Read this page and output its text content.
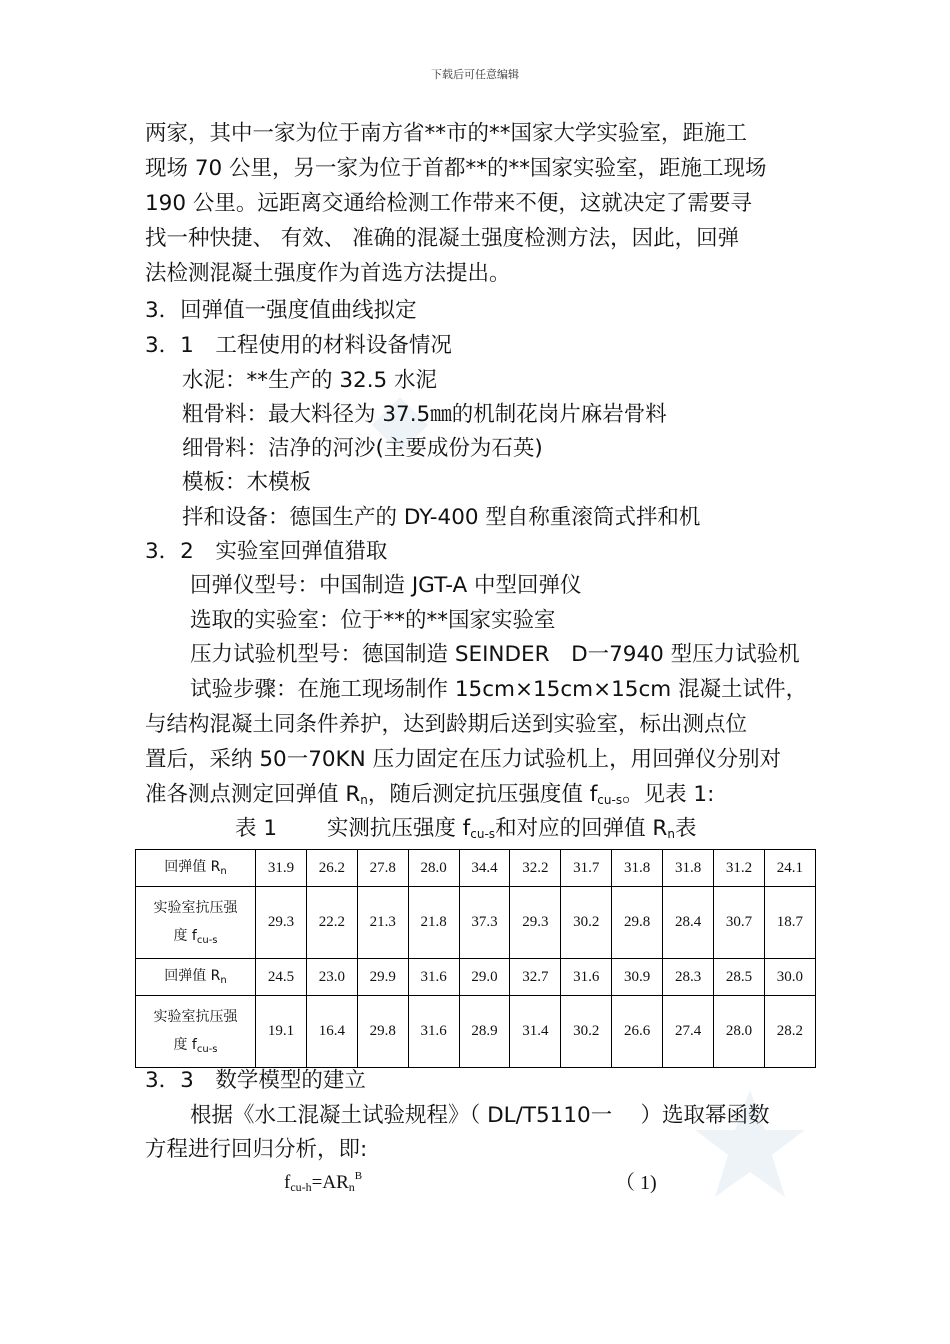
下载后可任意编辑
两家，其中一家为位于南方省**市的**国家大学实验室，距施工
现场 70 公里，另一家为位于首都**的**国家实验室，距施工现场
190 公里。远距离交通给检测工作带来不便，这就决定了需要寻
找一种快捷、 有效、 准确的混凝土强度检测方法，因此，回弹
法检测混凝土强度作为首选方法提出。
3．回弹值一强度值曲线拟定
3．1　工程使用的材料设备情况
水泥：**生产的 32.5 水泥
粗骨料：最大料径为 37.5㎜的机制花岗片麻岩骨料
细骨料：洁净的河沙(主要成份为石英)
模板：木模板
拌和设备：德国生产的 DY-400 型自称重滚筒式拌和机
3．2　实验室回弹值猎取
回弹仪型号：中国制造 JGT-A 中型回弹仪
选取的实验室：位于**的**国家实验室
压力试验机型号：德国制造 SEINDER　D一7940 型压力试验机
试验步骤：在施工现场制作 15cm×15cm×15cm 混凝土试件，
与结构混凝土同条件养护，达到龄期后送到实验室，标出测点位
置后，采纳 50一70KN 压力固定在压力试验机上，用回弹仪分别对
准各测点测定回弹值 Rn，随后测定抗压强度值 fcu-s。见表 1:
表 1　　 实测抗压强度 fcu-s和对应的回弹值 Rn表
回弹值 $R_n$	31.9	26.2	27.8	28.0	34.4	32.2	31.7	31.8	31.8	31.2	24.1
实验室抗压强
度 $f_{cu-s}$	29.3	22.2	21.3	21.8	37.3	29.3	30.2	29.8	28.4	30.7	18.7
回弹值 $R_n$	24.5	23.0	29.9	31.6	29.0	32.7	31.6	30.9	28.3	28.5	30.0
实验室抗压强
度 $f_{cu-s}$	19.1	16.4	29.8	31.6	28.9	31.4	30.2	26.6	27.4	28.0	28.2
3．3　数学模型的建立
根据《水工混凝土试验规程》（ DL/T5110一　 ）选取幂函数
方程进行回归分析，即:
fcu-h=ARn$^B$	（ 1)
